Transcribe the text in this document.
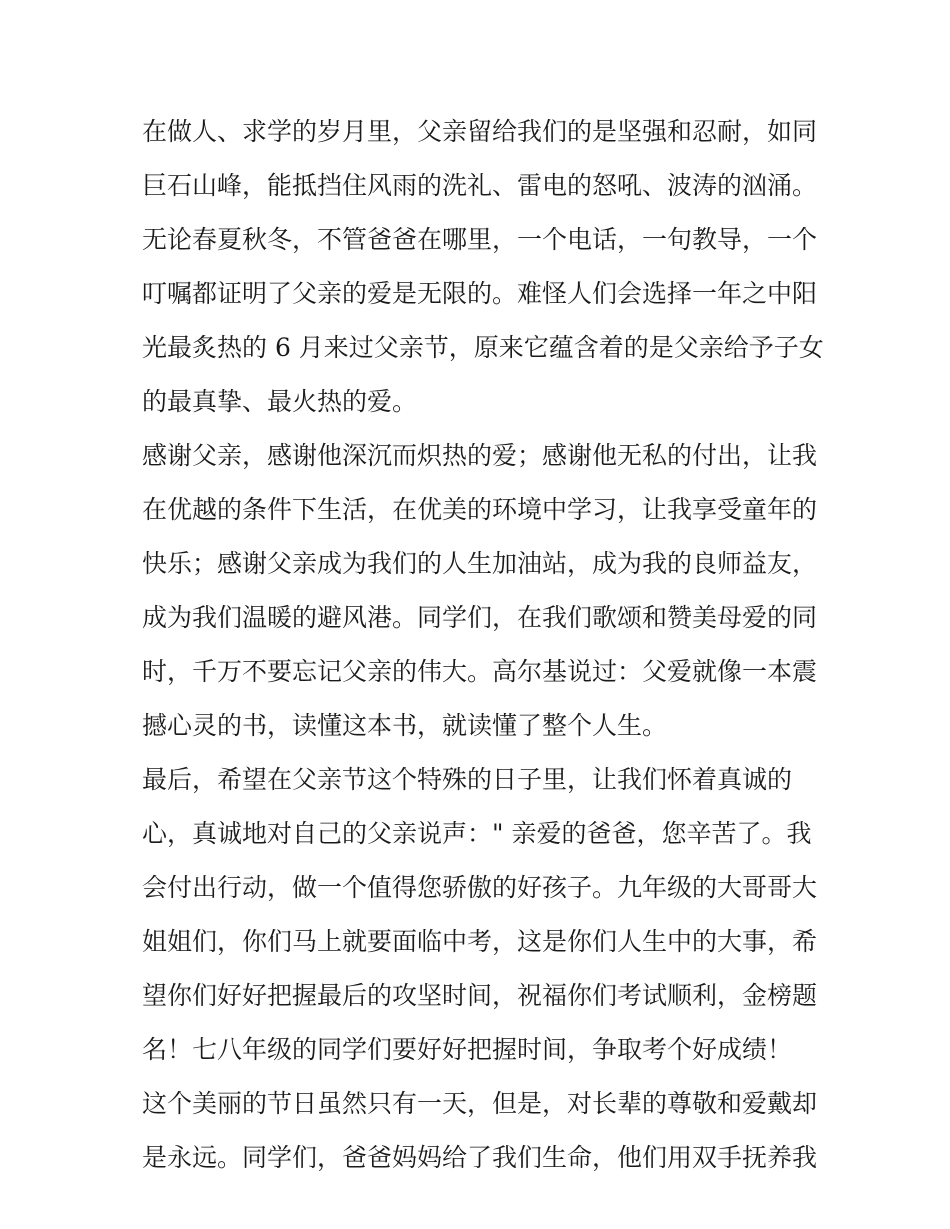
在做人、求学的岁月里，父亲留给我们的是坚强和忍耐，如同
巨石山峰，能抵挡住风雨的洗礼、雷电的怒吼、波涛的汹涌。
无论春夏秋冬，不管爸爸在哪里，一个电话，一句教导，一个
叮嘱都证明了父亲的爱是无限的。难怪人们会选择一年之中阳
光最炙热的 6 月来过父亲节，原来它蕴含着的是父亲给予子女
的最真挚、最火热的爱。
感谢父亲，感谢他深沉而炽热的爱；感谢他无私的付出，让我
在优越的条件下生活，在优美的环境中学习，让我享受童年的
快乐；感谢父亲成为我们的人生加油站，成为我的良师益友，
成为我们温暖的避风港。同学们，在我们歌颂和赞美母爱的同
时，千万不要忘记父亲的伟大。高尔基说过：父爱就像一本震
撼心灵的书，读懂这本书，就读懂了整个人生。
最后，希望在父亲节这个特殊的日子里，让我们怀着真诚的
心，真诚地对自己的父亲说声：" 亲爱的爸爸，您辛苦了。我
会付出行动，做一个值得您骄傲的好孩子。九年级的大哥哥大
姐姐们，你们马上就要面临中考，这是你们人生中的大事，希
望你们好好把握最后的攻坚时间，祝福你们考试顺利，金榜题
名！七八年级的同学们要好好把握时间，争取考个好成绩！
这个美丽的节日虽然只有一天，但是，对长辈的尊敬和爱戴却
是永远。同学们，爸爸妈妈给了我们生命，他们用双手抚养我
